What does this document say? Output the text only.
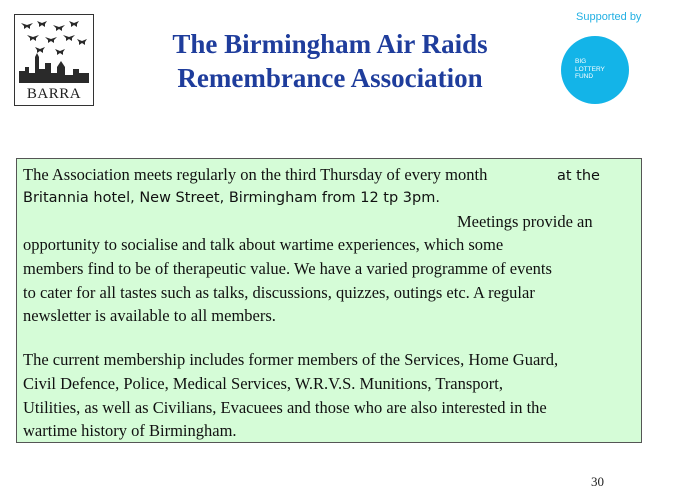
BARRA
The Birmingham Air Raids
Remembrance Association
Supported by
BIG
LOTTERY
FUND
The Association meets regularly on the third Thursday of every month	at the
Britannia hotel, New Street, Birmingham from 12 tp 3pm.
Meetings provide an
opportunity to socialise and talk about wartime experiences, which some
members find to be of therapeutic value. We have a varied programme of events
to cater for all tastes such as talks, discussions, quizzes, outings etc. A regular
newsletter is available to all members.
The current membership includes former members of the Services, Home Guard,
Civil Defence, Police, Medical Services, W.R.V.S. Munitions, Transport,
Utilities, as well as Civilians, Evacuees and those who are also interested in the
wartime history of Birmingham.
30
